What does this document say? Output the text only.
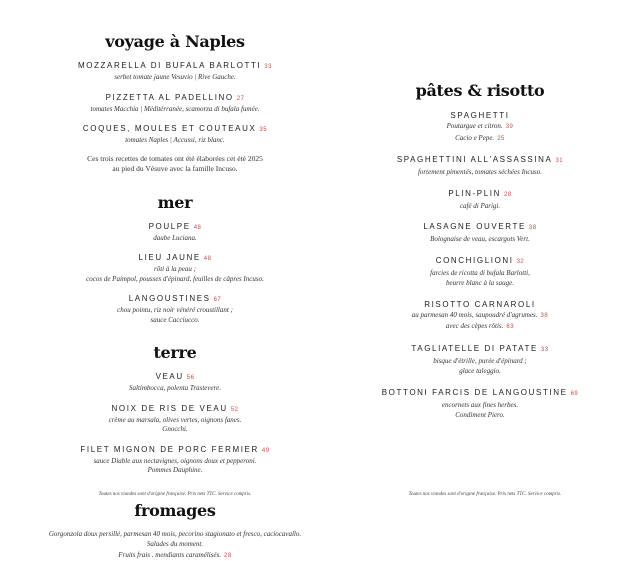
voyage à Naples
MOZZARELLA DI BUFALA BARLOTTI 33
serbet tomate jaune Vesuvio | Rive Gauche.
PIZZETTA AL PADELLINO 27
tomates Macchia | Méditérranée, scamorza di bufala fumée.
COQUES, MOULES ET COUTEAUX 35
tomates Naples | Accussi, riz blanc.
Ces trois recettes de tomates ont été élaborées cet été 2025
au pied du Vésuve avec la famille Incuso.
mer
POULPE 48
daube Luciana.
LIEU JAUNE 48
rôti à la peau ;
cocos de Paimpol, pousses d'épinard, feuilles de câpres Incuso.
LANGOUSTINES 67
chou pointu, riz noir vénéré croustillant ;
sauce Cacciucco.
terre
VEAU 56
Saltimbocca, polenta Trastevere.
NOIX DE RIS DE VEAU 52
crème au marsala, olives vertes, oignons fanes.
Gnocchi.
FILET MIGNON DE PORC FERMIER 49
sauce Diable aux nectavignes, oignons doux et pepperoni.
Pommes Dauphine.
fromages
Gorgonzola doux persillé, parmesan 40 mois, pecorino stagionato et fresco, caciocavallo.
Salades du moment.
Fruits frais . mendiants caramélisés. 28
pâtes & risotto
SPAGHETTI
Poutargue et citron. 39
Cacio e Pepe. 25
SPAGHETTINI ALL'ASSASSINA 31
fortement pimentés, tomates séchées Incuso.
PLIN-PLIN 28
café di Parigi.
LASAGNE OUVERTE 38
Bolognaise de veau, escargots Vert.
CONCHIGLIONI 32
farcies de ricotta di bufala Barlotti,
beurre blanc à la sauge.
RISOTTO CARNAROLI
au parmesan 40 mois, saupoudré d'agrumes. 38
avec des cèpes rôtis. 63
TAGLIATELLE DI PATATE 33
bisque d'étrille, purée d'épinard ;
glace taleggio.
BOTTONI FARCIS DE LANGOUSTINE 69
encornets aux fines herbes.
Condiment Piero.
Toutes nos viandes sont d'origine française. Prix nets TTC. Service compris.	Toutes nos viandes sont d'origine française. Prix nets TTC. Service compris.
